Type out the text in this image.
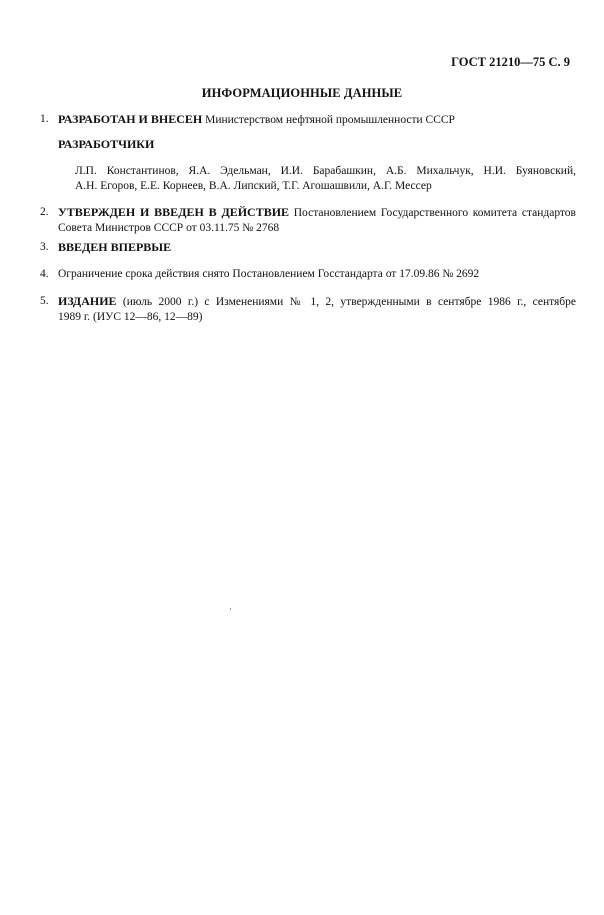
ГОСТ 21210—75 С. 9
ИНФОРМАЦИОННЫЕ ДАННЫЕ
1. РАЗРАБОТАН И ВНЕСЕН Министерством нефтяной промышленности СССР
РАЗРАБОТЧИКИ
Л.П. Константинов, Я.А. Эдельман, И.И. Барабашкин, А.Б. Михальчук, Н.И. Буяновский,
А.Н. Егоров, Е.Е. Корнеев, В.А. Липский, Т.Г. Агошашвили, А.Г. Мессер
2. УТВЕРЖДЕН И ВВЕДЕН В ДЕЙСТВИЕ Постановлением Государственного комитета стандартов
Совета Министров СССР от 03.11.75 № 2768
3. ВВЕДЕН ВПЕРВЫЕ
4. Ограничение срока действия снято Постановлением Госстандарта от 17.09.86 № 2692
5. ИЗДАНИЕ (июль 2000 г.) с Изменениями № 1, 2, утвержденными в сентябре 1986 г., сентябре
1989 г. (ИУС 12—86, 12—89)
